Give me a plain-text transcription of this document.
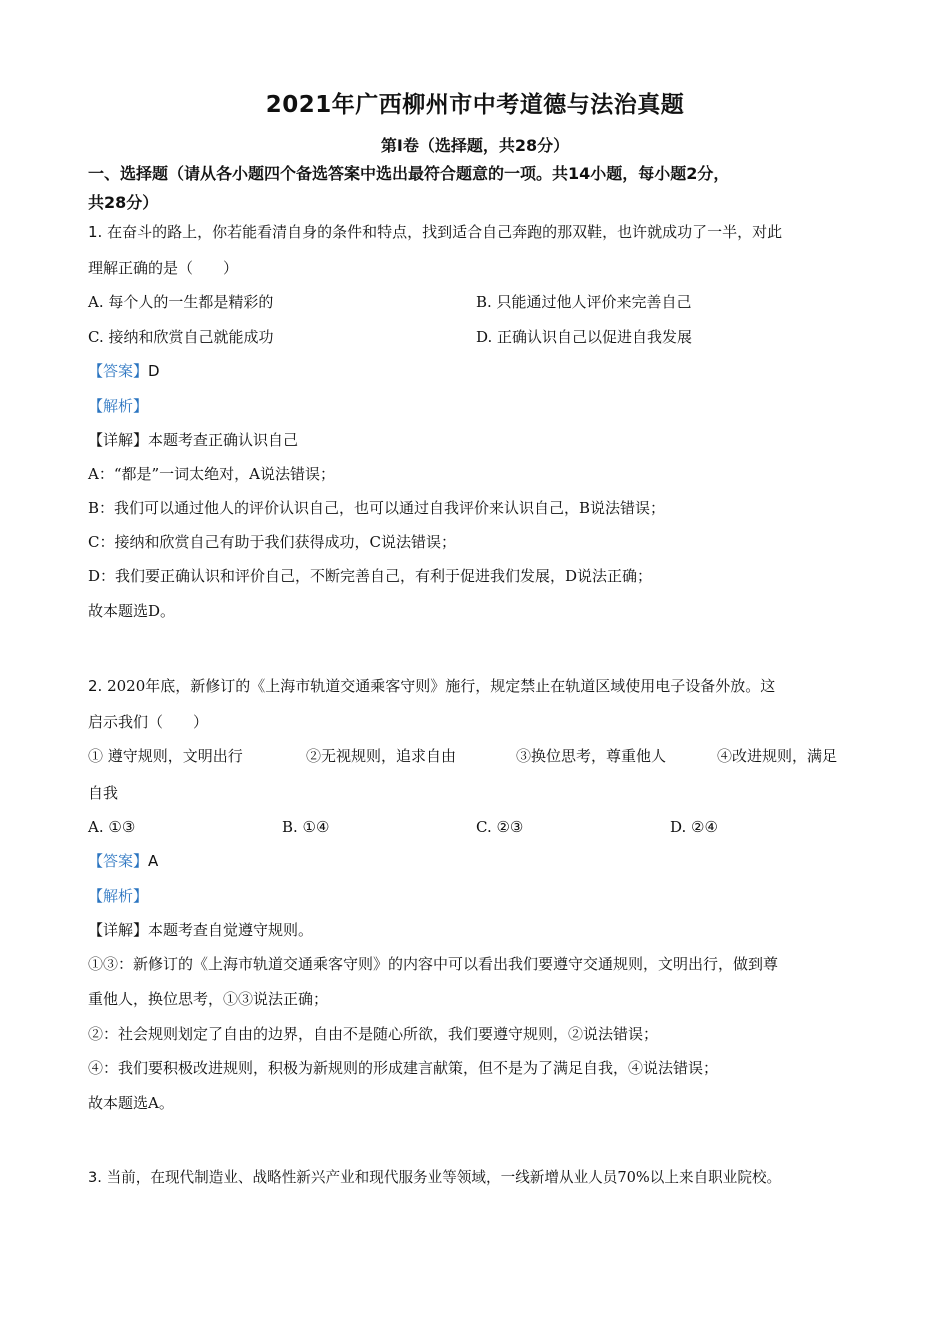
2021年广西柳州市中考道德与法治真题
第Ⅰ卷（选择题，共28分）
一、选择题（请从各小题四个备选答案中选出最符合题意的一项。共14小题，每小题2分，
共28分）
1. 在奋斗的路上，你若能看清自身的条件和特点，找到适合自己奔跑的那双鞋，也许就成功了一半，对此
理解正确的是（　　）
A. 每个人的一生都是精彩的	B. 只能通过他人评价来完善自己
C. 接纳和欣赏自己就能成功	D. 正确认识自己以促进自我发展
【答案】D
【解析】
【详解】本题考查正确认识自己
A：“都是”一词太绝对，A说法错误；
B：我们可以通过他人的评价认识自己，也可以通过自我评价来认识自己，B说法错误；
C：接纳和欣赏自己有助于我们获得成功，C说法错误；
D：我们要正确认识和评价自己，不断完善自己，有利于促进我们发展，D说法正确；
故本题选D。
2. 2020年底，新修订的《上海市轨道交通乘客守则》施行，规定禁止在轨道区域使用电子设备外放。这
启示我们（　　）
① 遵守规则，文明出行	②无视规则，追求自由	③换位思考，尊重他人	④改进规则，满足
自我
A. ①③	B. ①④	C. ②③	D. ②④
【答案】A
【解析】
【详解】本题考查自觉遵守规则。
①③：新修订的《上海市轨道交通乘客守则》的内容中可以看出我们要遵守交通规则，文明出行，做到尊
重他人，换位思考，①③说法正确；
②：社会规则划定了自由的边界，自由不是随心所欲，我们要遵守规则，②说法错误；
④：我们要积极改进规则，积极为新规则的形成建言献策，但不是为了满足自我，④说法错误；
故本题选A。
3. 当前，在现代制造业、战略性新兴产业和现代服务业等领域，一线新增从业人员70%以上来自职业院校。
